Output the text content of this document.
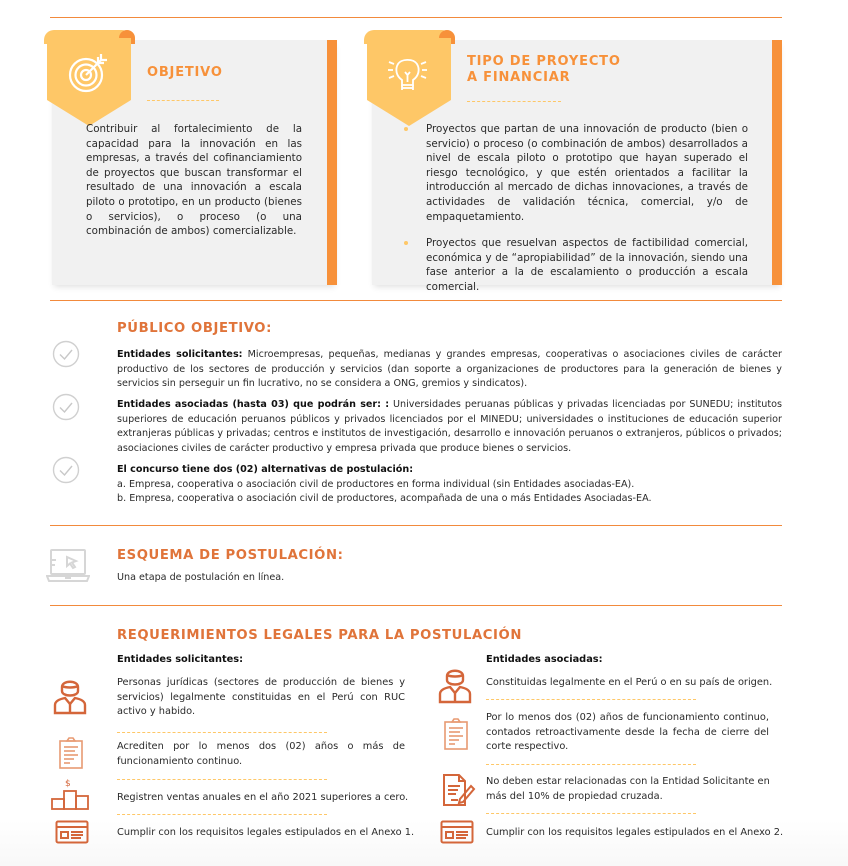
OBJETIVO

Contribuir al fortalecimiento de la capacidad para la innovación en las empresas, a través del cofinanciamiento de proyectos que buscan transformar el resultado de una innovación a escala piloto o prototipo, en un producto (bienes o servicios), o proceso (o una combinación de ambos) comercializable.

TIPO DE PROYECTO
A FINANCIAR
Proyectos que partan de una innovación de producto (bien o servicio) o proceso (o combinación de ambos) desarrollados a nivel de escala piloto o prototipo que hayan superado el riesgo tecnológico, y que estén orientados a facilitar la introducción al mercado de dichas innovaciones, a través de actividades de validación técnica, comercial, y/o de empaquetamiento.
Proyectos que resuelvan aspectos de factibilidad comercial, económica y de “apropiabilidad” de la innovación, siendo una fase anterior a la de escalamiento o producción a escala comercial.
PÚBLICO OBJETIVO:

Entidades solicitantes: Microempresas, pequeñas, medianas y grandes empresas, cooperativas o asociaciones civiles de carácter productivo de los sectores de producción y servicios (dan soporte a organizaciones de productores para la generación de bienes y servicios sin perseguir un fin lucrativo, no se considera a ONG, gremios y sindicatos).

Entidades asociadas (hasta 03) que podrán ser: : Universidades peruanas públicas y privadas licenciadas por SUNEDU; institutos superiores de educación peruanos públicos y privados licenciados por el MINEDU; universidades o instituciones de educación superior extranjeras públicas y privadas; centros e institutos de investigación, desarrollo e innovación peruanos o extranjeros, públicos o privados; asociaciones civiles de carácter productivo y empresa privada que produce bienes o servicios.

El concurso tiene dos (02) alternativas de postulación:
a. Empresa, cooperativa o asociación civil de productores en forma individual (sin Entidades asociadas-EA).
b. Empresa, cooperativa o asociación civil de productores, acompañada de una o más Entidades Asociadas-EA.
ESQUEMA DE POSTULACIÓN:

Una etapa de postulación en línea.

REQUERIMIENTOS LEGALES PARA LA POSTULACIÓN
Entidades solicitantes:

Personas jurídicas (sectores de producción de bienes y servicios) legalmente constituidas en el Perú con RUC activo y habido.

Acrediten por lo menos dos (02) años o más de funcionamiento continuo.

$

Registren ventas anuales en el año 2021 superiores a cero.

Cumplir con los requisitos legales estipulados en el Anexo 1.

Entidades asociadas:

Constituidas legalmente en el Perú o en su país de origen.

Por lo menos dos (02) años de funcionamiento continuo, contados retroactivamente desde la fecha de cierre del corte respectivo.

No deben estar relacionadas con la Entidad Solicitante en más del 10% de propiedad cruzada.

Cumplir con los requisitos legales estipulados en el Anexo 2.
